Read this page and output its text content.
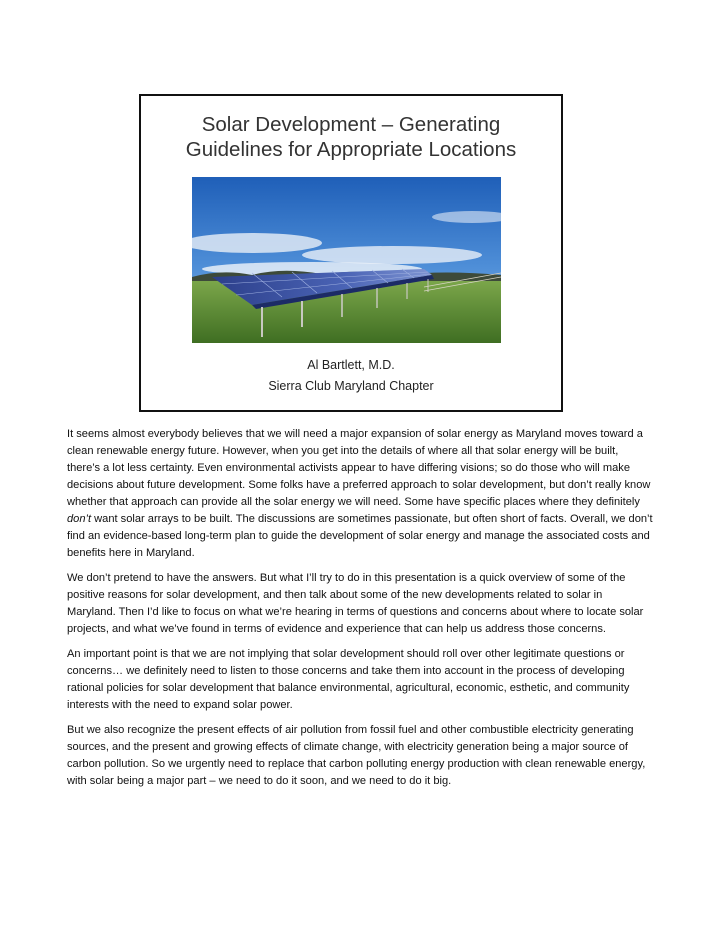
Solar Development – Generating
Guidelines for Appropriate Locations
Al Bartlett, M.D.
Sierra Club Maryland Chapter

It seems almost everybody believes that we will need a major expansion of solar energy as Maryland moves toward a clean renewable energy future. However, when you get into the details of where all that solar energy will be built, there’s a lot less certainty. Even environmental activists appear to have differing visions; so do those who will make decisions about future development. Some folks have a preferred approach to solar development, but don’t really know whether that approach can provide all the solar energy we will need. Some have specific places where they definitely don’t want solar arrays to be built. The discussions are sometimes passionate, but often short of facts. Overall, we don’t find an evidence-based long-term plan to guide the development of solar energy and manage the associated costs and benefits here in Maryland.

We don’t pretend to have the answers. But what I’ll try to do in this presentation is a quick overview of some of the positive reasons for solar development, and then talk about some of the new developments related to solar in Maryland. Then I’d like to focus on what we’re hearing in terms of questions and concerns about where to locate solar projects, and what we’ve found in terms of evidence and experience that can help us address those concerns.

An important point is that we are not implying that solar development should roll over other legitimate questions or concerns… we definitely need to listen to those concerns and take them into account in the process of developing rational policies for solar development that balance environmental, agricultural, economic, esthetic, and community interests with the need to expand solar power.

But we also recognize the present effects of air pollution from fossil fuel and other combustible electricity generating sources, and the present and growing effects of climate change, with electricity generation being a major source of carbon pollution. So we urgently need to replace that carbon polluting energy production with clean renewable energy, with solar being a major part – we need to do it soon, and we need to do it big.
